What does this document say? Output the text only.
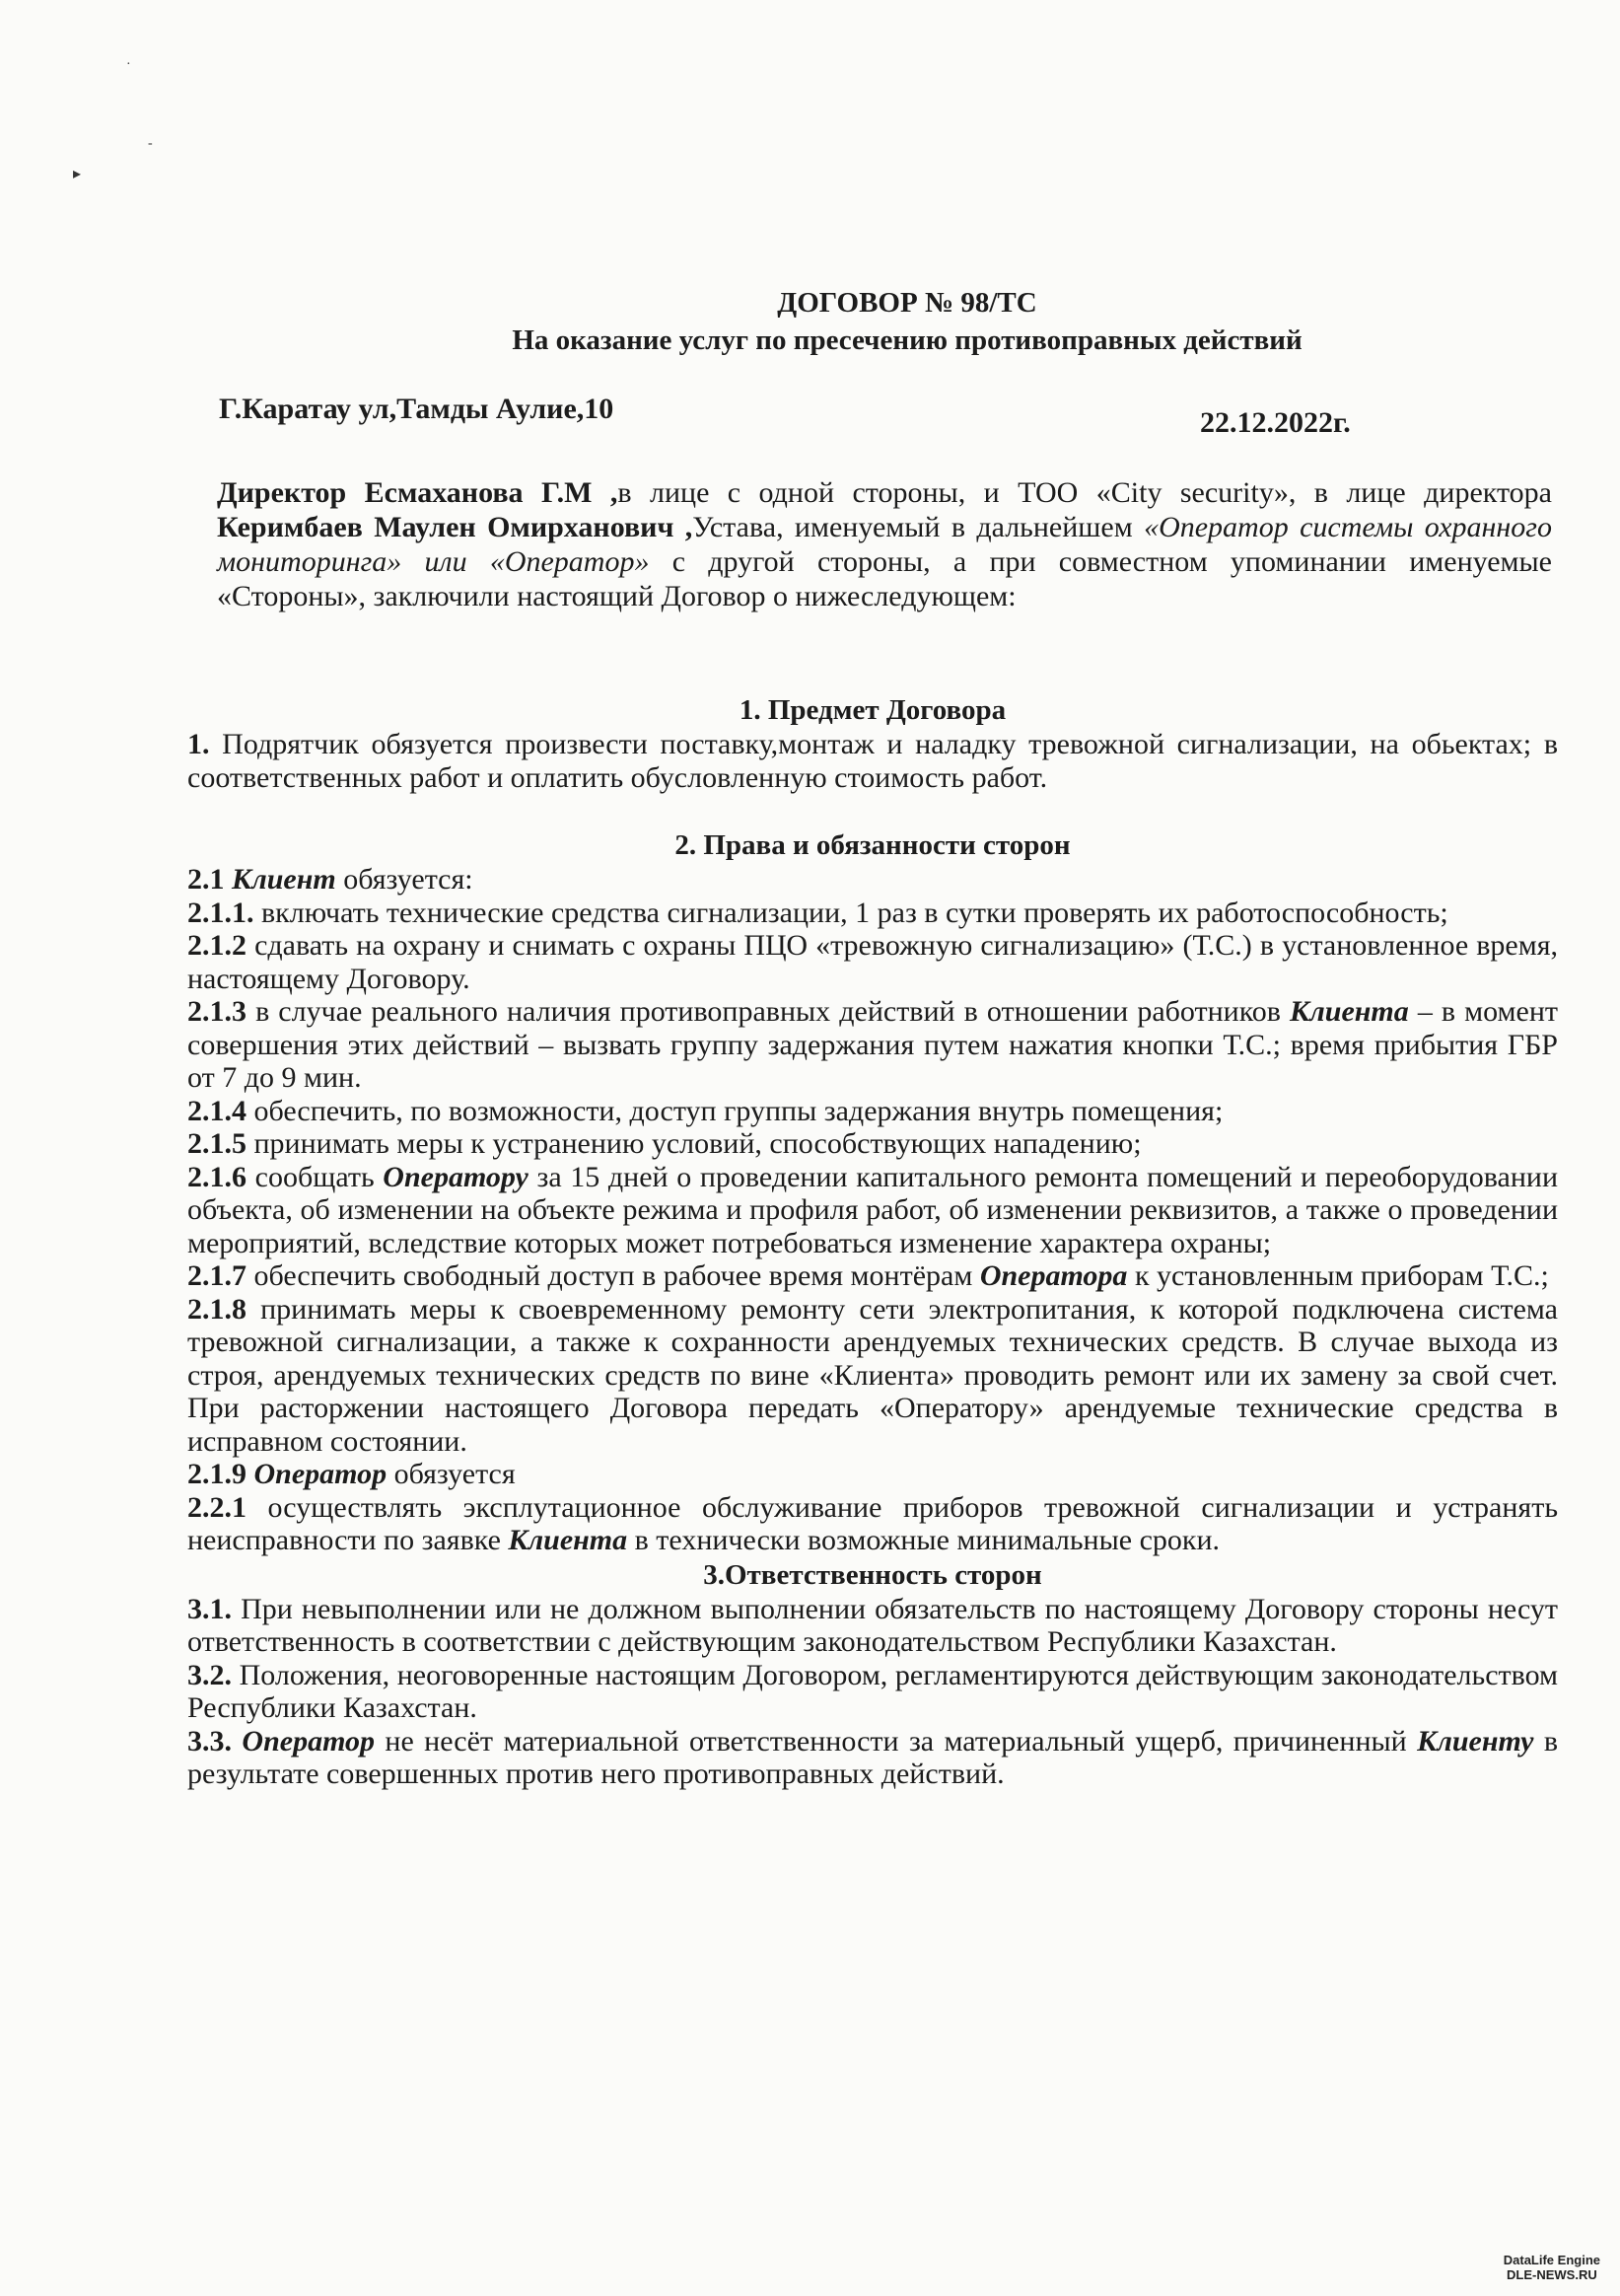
·
-
▸
ДОГОВОР № 98/ТС
На оказание услуг по пресечению противоправных действий
Г.Каратау ул,Тамды Аулие,10	22.12.2022г.
Директор Есмаханова Г.М ,в лице с одной стороны, и ТОО «City security», в лице директора Керимбаев Маулен Омирханович ,Устава, именуемый в дальнейшем «Оператор системы охранного мониторинга» или «Оператор» с другой стороны, а при совместном упоминании именуемые «Стороны», заключили настоящий Договор о нижеследующем:
1. Предмет Договора

1. Подрятчик обязуется произвести поставку,монтаж и наладку тревожной сигнализации, на обьектах; в соответственных работ и оплатить обусловленную стоимость работ.

2. Права и обязанности сторон

2.1 Клиент обязуется:

2.1.1. включать технические средства сигнализации, 1 раз в сутки проверять их работоспособность;

2.1.2 сдавать на охрану и снимать с охраны ПЦО «тревожную сигнализацию» (Т.С.) в установленное время, настоящему Договору.

2.1.3 в случае реального наличия противоправных действий в отношении работников Клиента – в момент совершения этих действий – вызвать группу задержания путем нажатия кнопки Т.С.; время прибытия ГБР от 7 до 9 мин.

2.1.4 обеспечить, по возможности, доступ группы задержания внутрь помещения;

2.1.5 принимать меры к устранению условий, способствующих нападению;

2.1.6 сообщать Оператору за 15 дней о проведении капитального ремонта помещений и переоборудовании объекта, об изменении на объекте режима и профиля работ, об изменении реквизитов, а также о проведении мероприятий, вследствие которых может потребоваться изменение характера охраны;

2.1.7 обеспечить свободный доступ в рабочее время монтёрам Оператора к установленным приборам Т.С.;

2.1.8 принимать меры к своевременному ремонту сети электропитания, к которой подключена система тревожной сигнализации, а также к сохранности арендуемых технических средств. В случае выхода из строя, арендуемых технических средств по вине «Клиента» проводить ремонт или их замену за свой счет. При расторжении настоящего Договора передать «Оператору» арендуемые технические средства в исправном состоянии.

2.1.9 Оператор обязуется

2.2.1 осуществлять эксплутационное обслуживание приборов тревожной сигнализации и устранять неисправности по заявке Клиента в технически возможные минимальные сроки.

3.Ответственность сторон

3.1. При невыполнении или не должном выполнении обязательств по настоящему Договору стороны несут ответственность в соответствии с действующим законодательством Республики Казахстан.

3.2. Положения, неоговоренные настоящим Договором, регламентируются действующим законодательством Республики Казахстан.

3.3. Оператор не несёт материальной ответственности за материальный ущерб, причиненный Клиенту в результате совершенных против него противоправных действий.

DataLife Engine
DLE-NEWS.RU
